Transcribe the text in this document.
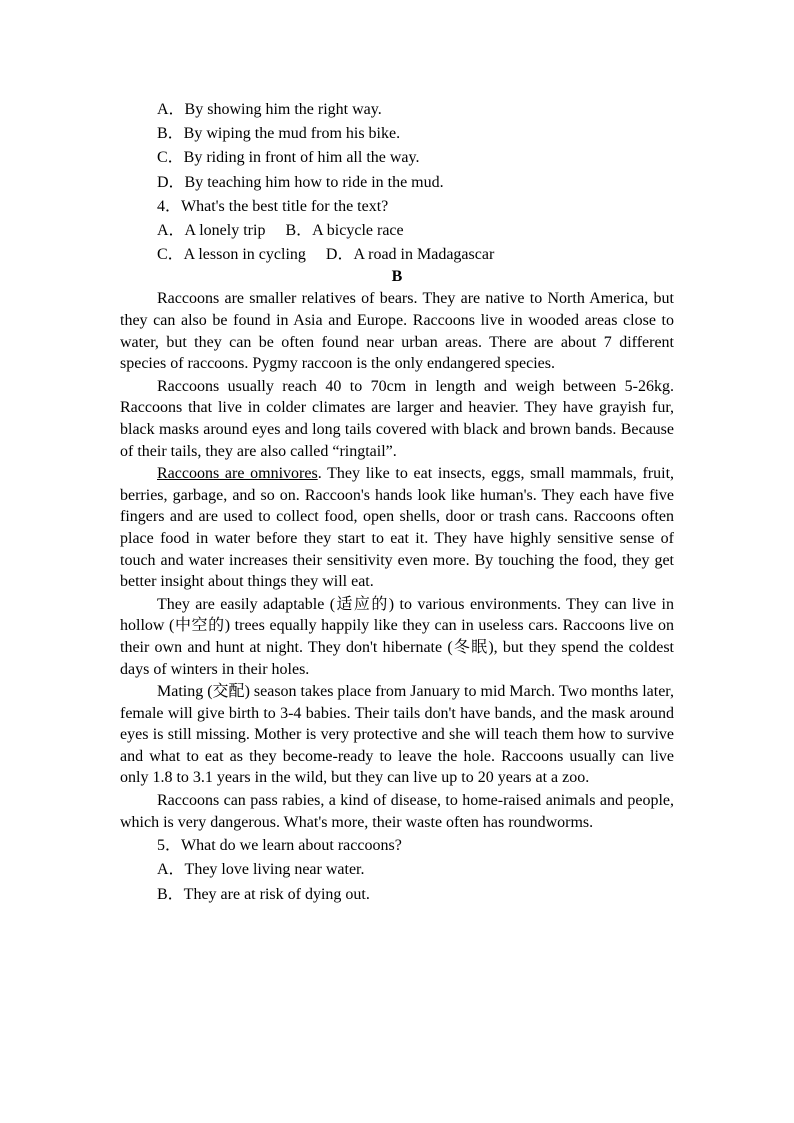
A．By showing him the right way.
B．By wiping the mud from his bike.
C．By riding in front of him all the way.
D．By teaching him how to ride in the mud.
4．What's the best title for the text?
A．A lonely trip B．A bicycle race
C．A lesson in cycling D．A road in Madagascar
B

Raccoons are smaller relatives of bears. They are native to North America, but they can also be found in Asia and Europe. Raccoons live in wooded areas close to water, but they can be often found near urban areas. There are about 7 different species of raccoons. Pygmy raccoon is the only endangered species.

Raccoons usually reach 40 to 70cm in length and weigh between 5-26kg. Raccoons that live in colder climates are larger and heavier. They have grayish fur, black masks around eyes and long tails covered with black and brown bands. Because of their tails, they are also called “ringtail”.

Raccoons are omnivores. They like to eat insects, eggs, small mammals, fruit, berries, garbage, and so on. Raccoon's hands look like human's. They each have five fingers and are used to collect food, open shells, door or trash cans. Raccoons often place food in water before they start to eat it. They have highly sensitive sense of touch and water increases their sensitivity even more. By touching the food, they get better insight about things they will eat.

They are easily adaptable (适应的) to various environments. They can live in hollow (中空的) trees equally happily like they can in useless cars. Raccoons live on their own and hunt at night. They don't hibernate (冬眠), but they spend the coldest days of winters in their holes.

Mating (交配) season takes place from January to mid March. Two months later, female will give birth to 3-4 babies. Their tails don't have bands, and the mask around eyes is still missing. Mother is very protective and she will teach them how to survive and what to eat as they become-ready to leave the hole. Raccoons usually can live only 1.8 to 3.1 years in the wild, but they can live up to 20 years at a zoo.

Raccoons can pass rabies, a kind of disease, to home-raised animals and people, which is very dangerous. What's more, their waste often has roundworms.

5．What do we learn about raccoons?
A．They love living near water.
B．They are at risk of dying out.
